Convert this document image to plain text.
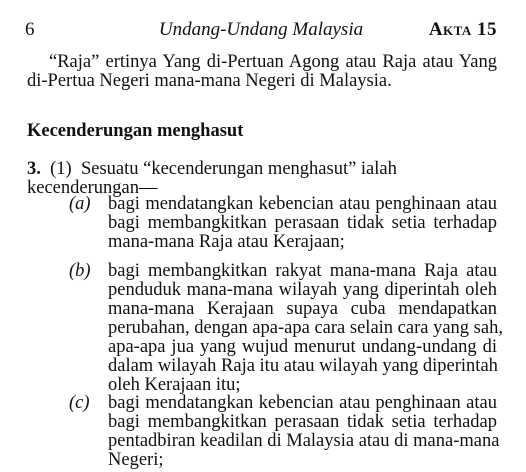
6	Undang-Undang Malaysia	Akta 15
“Raja” ertinya Yang di-Pertuan Agong atau Raja atau Yang di-Pertua Negeri mana-mana Negeri di Malaysia.
Kecenderungan menghasut
3. (1) Sesuatu “kecenderungan menghasut” ialah kecenderungan—
(a) bagi mendatangkan kebencian atau penghinaan atau
bagi membangkitkan perasaan tidak setia terhadap
mana-mana Raja atau Kerajaan;
(b) bagi membangkitkan rakyat mana-mana Raja atau
penduduk mana-mana wilayah yang diperintah oleh
mana-mana Kerajaan supaya cuba mendapatkan
perubahan, dengan apa-apa cara selain cara yang sah,
apa-apa jua yang wujud menurut undang-undang di
dalam wilayah Raja itu atau wilayah yang diperintah
oleh Kerajaan itu;
(c) bagi mendatangkan kebencian atau penghinaan atau
bagi membangkitkan perasaan tidak setia terhadap
pentadbiran keadilan di Malaysia atau di mana-mana
Negeri;
